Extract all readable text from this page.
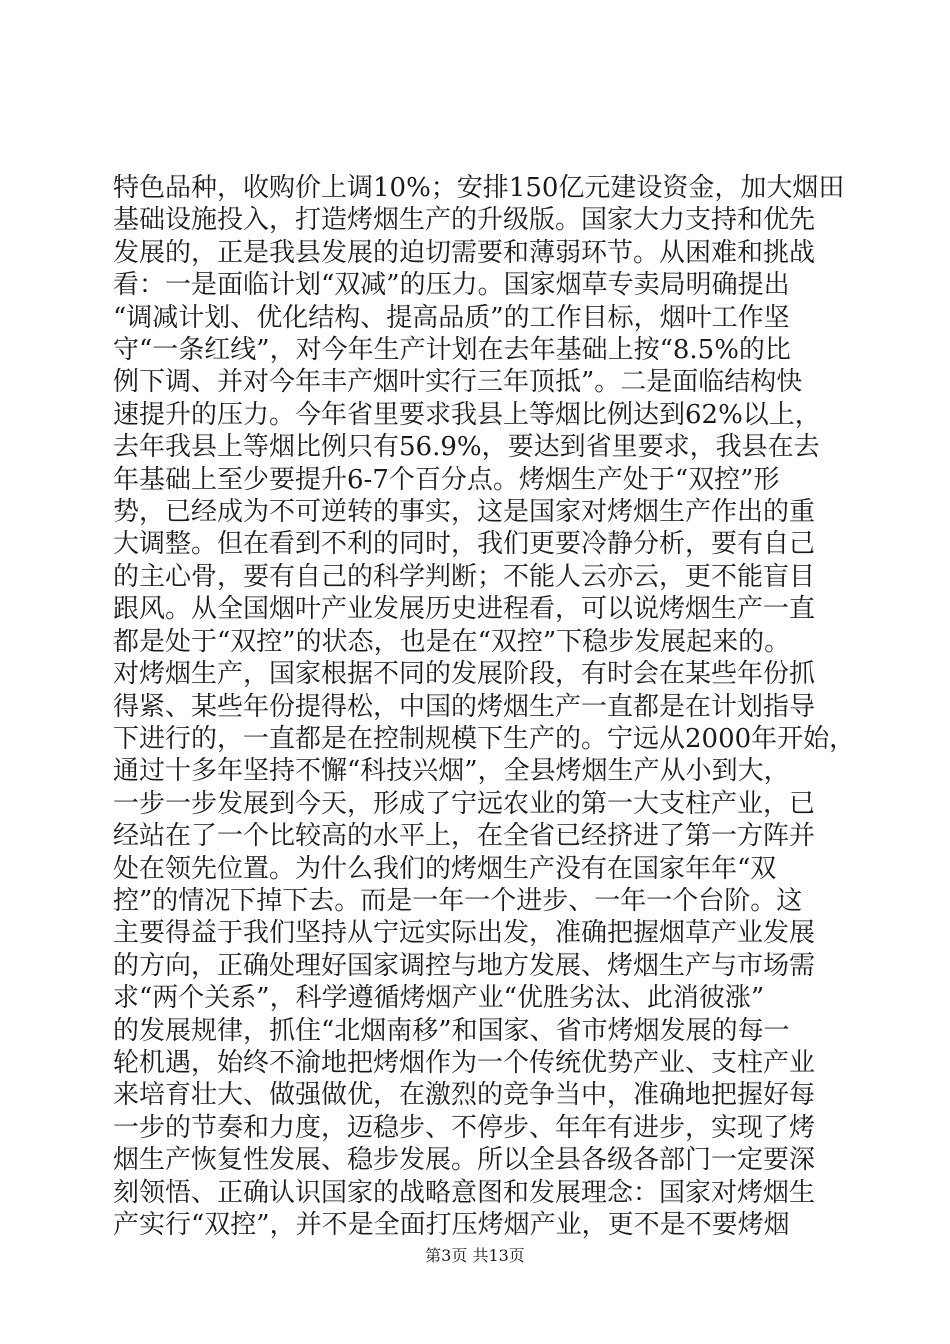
特色品种，收购价上调10%；安排150亿元建设资金，加大烟田
基础设施投入，打造烤烟生产的升级版。国家大力支持和优先
发展的，正是我县发展的迫切需要和薄弱环节。从困难和挑战
看：一是面临计划“双减”的压力。国家烟草专卖局明确提出
“调减计划、优化结构、提高品质”的工作目标，烟叶工作坚
守“一条红线”，对今年生产计划在去年基础上按“8.5%的比
例下调、并对今年丰产烟叶实行三年顶抵”。二是面临结构快
速提升的压力。今年省里要求我县上等烟比例达到62%以上，
去年我县上等烟比例只有56.9%，要达到省里要求，我县在去
年基础上至少要提升6-7个百分点。烤烟生产处于“双控”形
势，已经成为不可逆转的事实，这是国家对烤烟生产作出的重
大调整。但在看到不利的同时，我们更要冷静分析，要有自己
的主心骨，要有自己的科学判断；不能人云亦云，更不能盲目
跟风。从全国烟叶产业发展历史进程看，可以说烤烟生产一直
都是处于“双控”的状态，也是在“双控”下稳步发展起来的。
对烤烟生产，国家根据不同的发展阶段，有时会在某些年份抓
得紧、某些年份提得松，中国的烤烟生产一直都是在计划指导
下进行的，一直都是在控制规模下生产的。宁远从2000年开始，
通过十多年坚持不懈“科技兴烟”，全县烤烟生产从小到大，
一步一步发展到今天，形成了宁远农业的第一大支柱产业，已
经站在了一个比较高的水平上，在全省已经挤进了第一方阵并
处在领先位置。为什么我们的烤烟生产没有在国家年年“双
控”的情况下掉下去。而是一年一个进步、一年一个台阶。这
主要得益于我们坚持从宁远实际出发，准确把握烟草产业发展
的方向，正确处理好国家调控与地方发展、烤烟生产与市场需
求“两个关系”，科学遵循烤烟产业“优胜劣汰、此消彼涨”
的发展规律，抓住“北烟南移”和国家、省市烤烟发展的每一
轮机遇，始终不渝地把烤烟作为一个传统优势产业、支柱产业
来培育壮大、做强做优，在激烈的竞争当中，准确地把握好每
一步的节奏和力度，迈稳步、不停步、年年有进步，实现了烤
烟生产恢复性发展、稳步发展。所以全县各级各部门一定要深
刻领悟、正确认识国家的战略意图和发展理念：国家对烤烟生
产实行“双控”，并不是全面打压烤烟产业，更不是不要烤烟
第3页 共13页
